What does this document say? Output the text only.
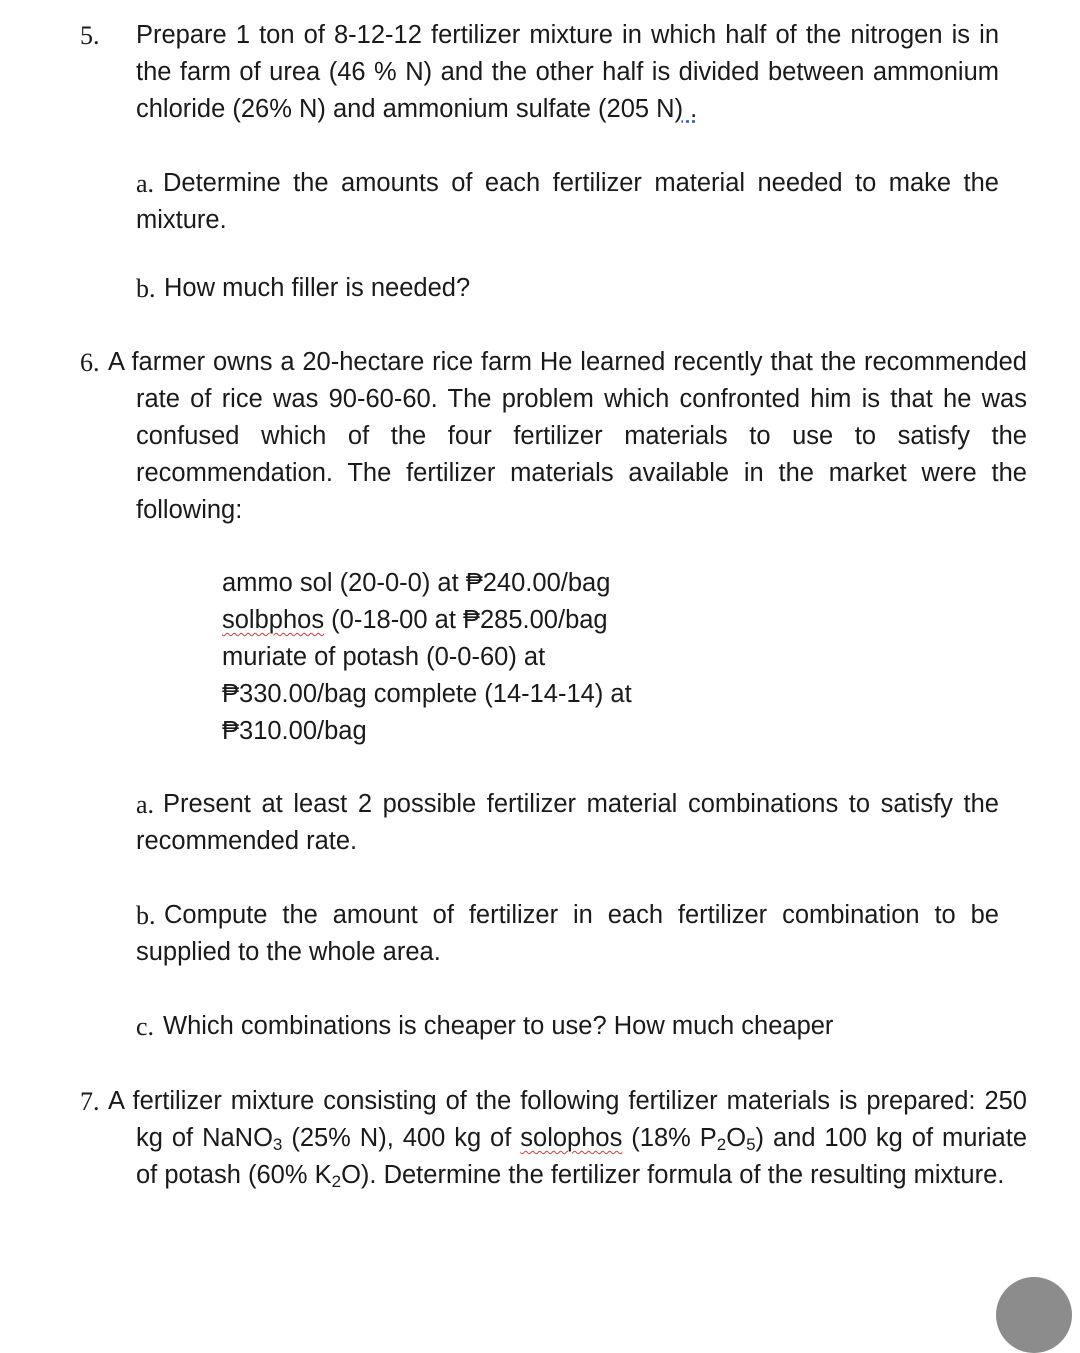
5. Prepare 1 ton of 8-12-12 fertilizer mixture in which half of the nitrogen is in the farm of urea (46 % N) and the other half is divided between ammonium chloride (26% N) and ammonium sulfate (205 N) .
a. Determine the amounts of each fertilizer material needed to make the mixture.
b. How much filler is needed?
6. A farmer owns a 20-hectare rice farm He learned recently that the recommended rate of rice was 90-60-60. The problem which confronted him is that he was confused which of the four fertilizer materials to use to satisfy the recommendation. The fertilizer materials available in the market were the following:
ammo sol (20-0-0) at ₱240.00/bag
solbphos (0-18-00 at ₱285.00/bag
muriate of potash (0-0-60) at
₱330.00/bag complete (14-14-14) at
₱310.00/bag
a. Present at least 2 possible fertilizer material combinations to satisfy the recommended rate.
b. Compute the amount of fertilizer in each fertilizer combination to be supplied to the whole area.
c. Which combinations is cheaper to use? How much cheaper
7. A fertilizer mixture consisting of the following fertilizer materials is prepared: 250 kg of NaNO$_3$ (25% N), 400 kg of solophos (18% $P_2O_5$) and 100 kg of muriate of potash (60% $K_2O$). Determine the fertilizer formula of the resulting mixture.
